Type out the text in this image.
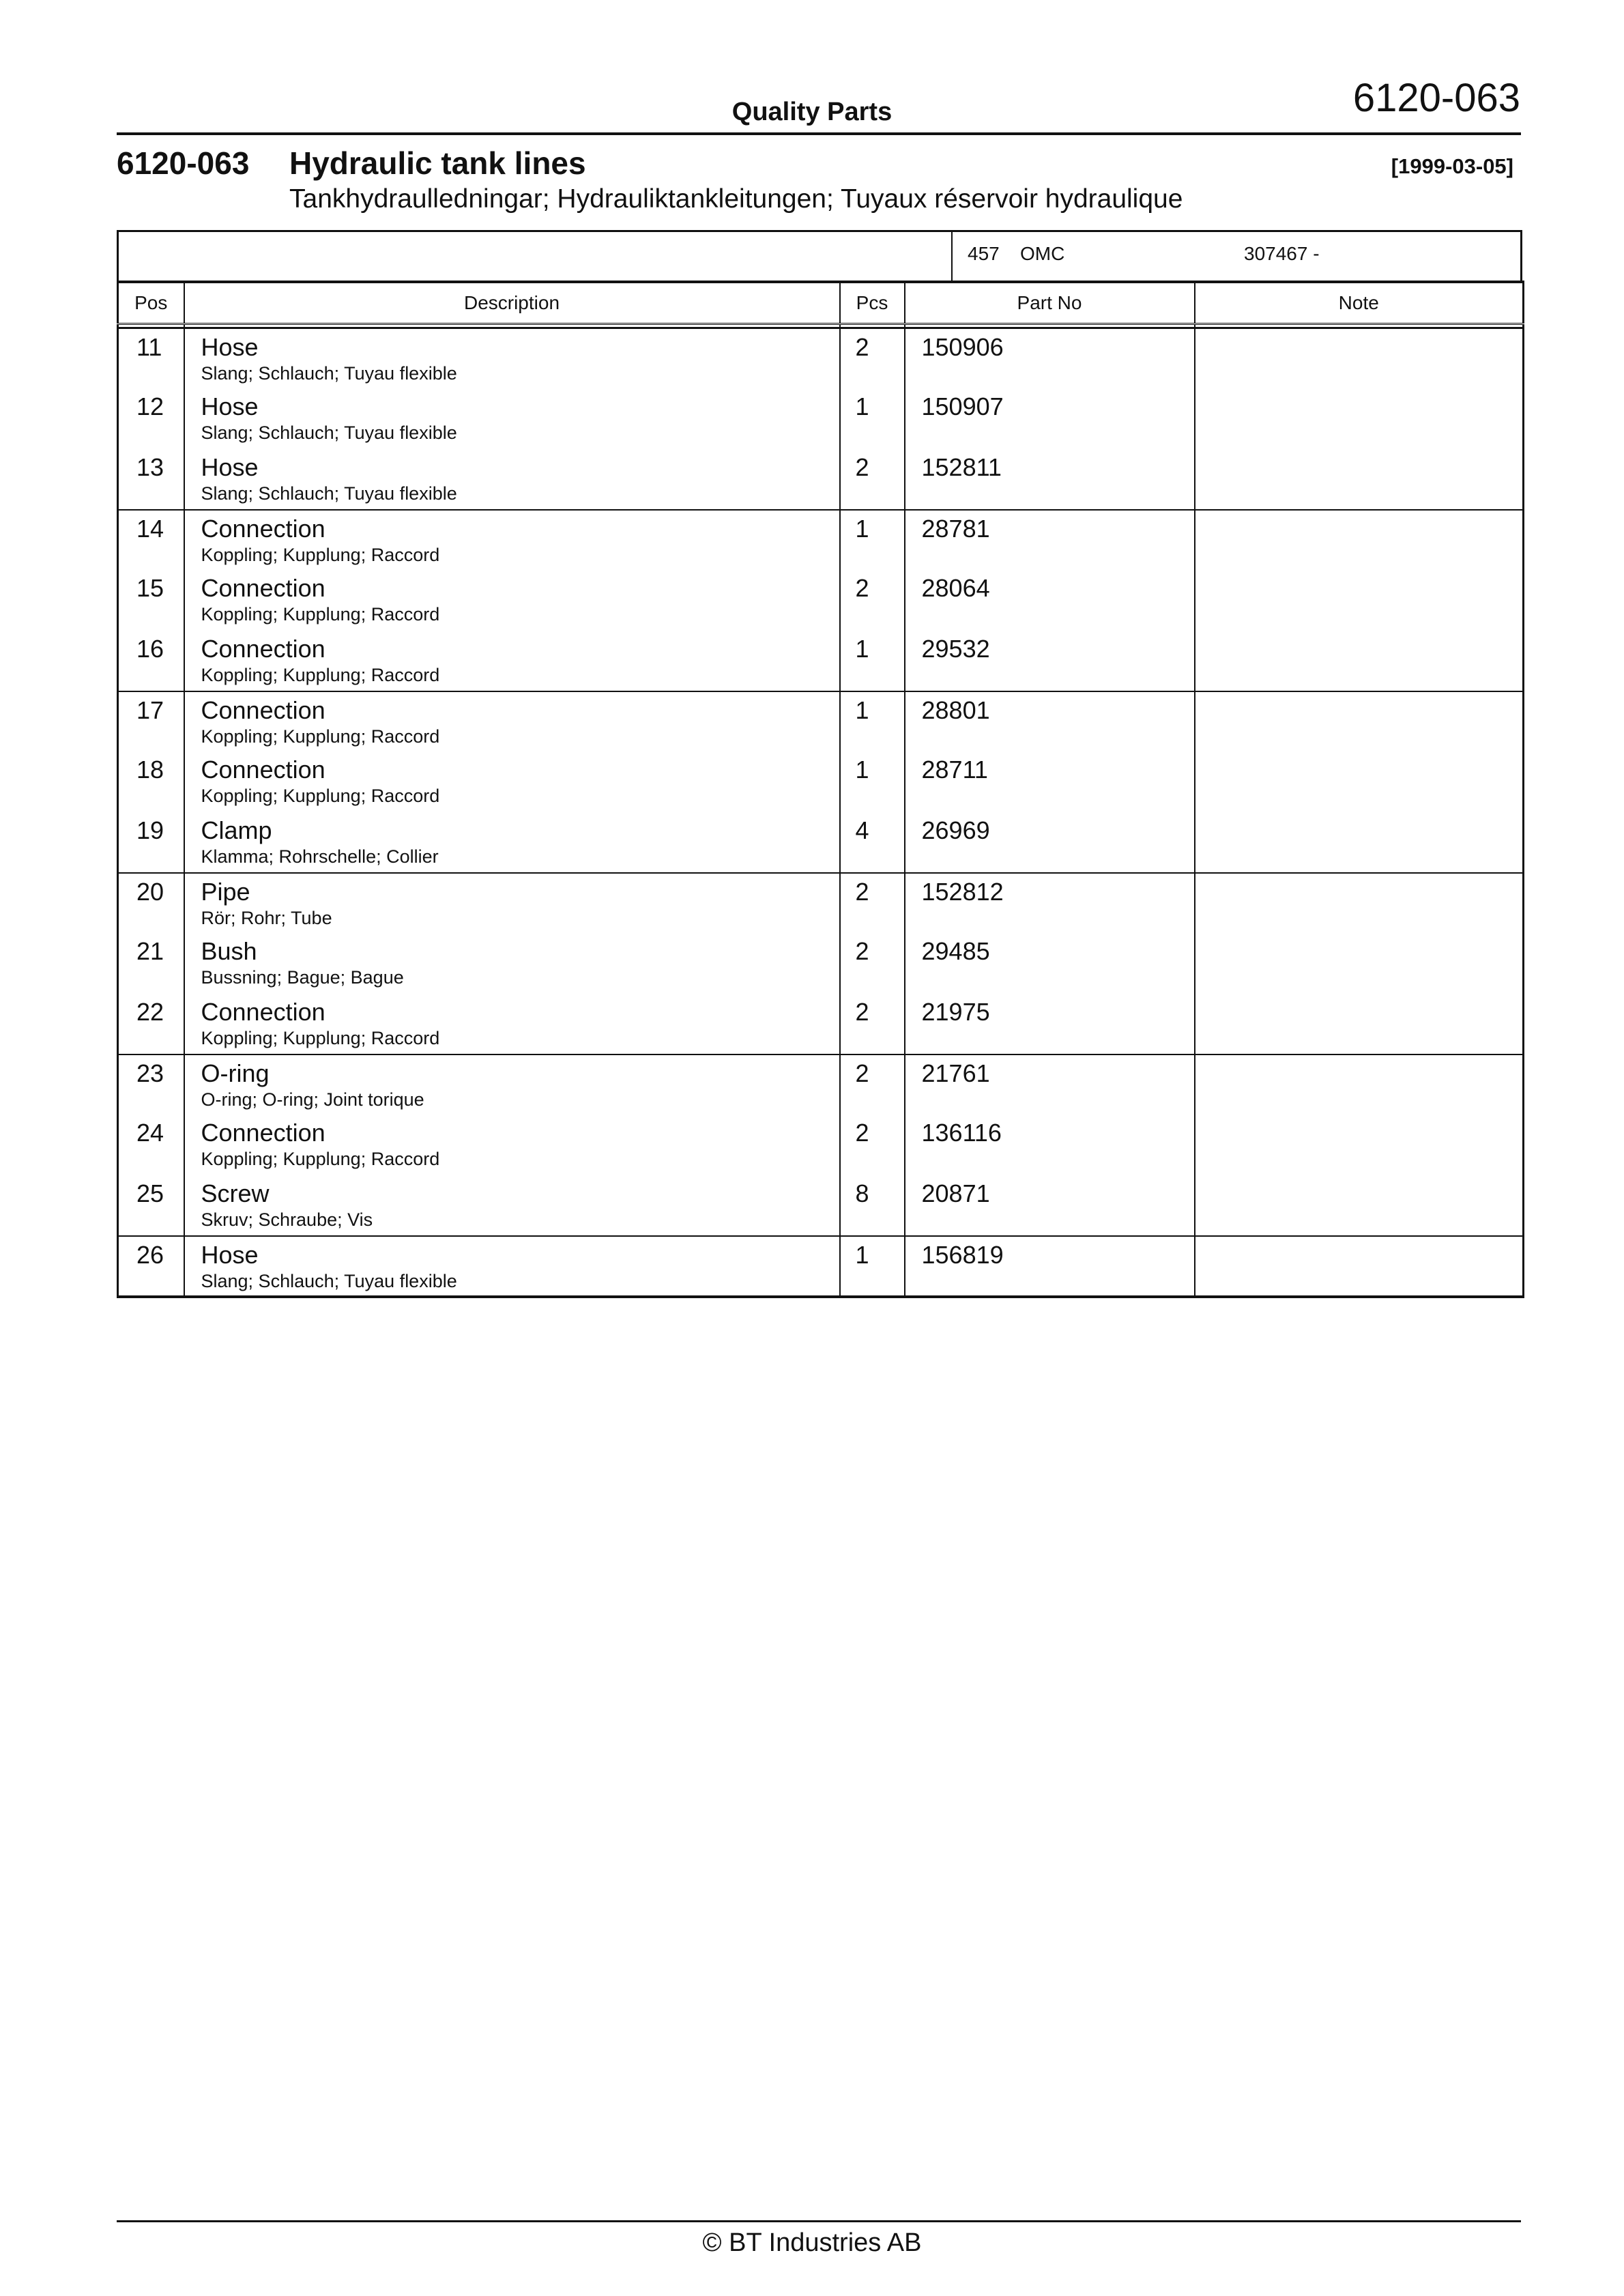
Quality Parts	6120-063
6120-063 Hydraulic tank lines	[1999-03-05]
Tankhydraulledningar; Hydrauliktankleitungen; Tuyaux réservoir hydraulique
457 OMC	307467 -
Pos	Description	Pcs	Part No	Note

11	Hose
Slang; Schlauch; Tuyau flexible	2	150906	

12	Hose
Slang; Schlauch; Tuyau flexible	1	150907	

13	Hose
Slang; Schlauch; Tuyau flexible	2	152811	

14	Connection
Koppling; Kupplung; Raccord	1	28781	

15	Connection
Koppling; Kupplung; Raccord	2	28064	

16	Connection
Koppling; Kupplung; Raccord	1	29532	

17	Connection
Koppling; Kupplung; Raccord	1	28801	

18	Connection
Koppling; Kupplung; Raccord	1	28711	

19	Clamp
Klamma; Rohrschelle; Collier	4	26969	

20	Pipe
Rör; Rohr; Tube	2	152812	

21	Bush
Bussning; Bague; Bague	2	29485	

22	Connection
Koppling; Kupplung; Raccord	2	21975	

23	O-ring
O-ring; O-ring; Joint torique	2	21761	

24	Connection
Koppling; Kupplung; Raccord	2	136116	

25	Screw
Skruv; Schraube; Vis	8	20871	

26	Hose
Slang; Schlauch; Tuyau flexible	1	156819	

© BT Industries AB
